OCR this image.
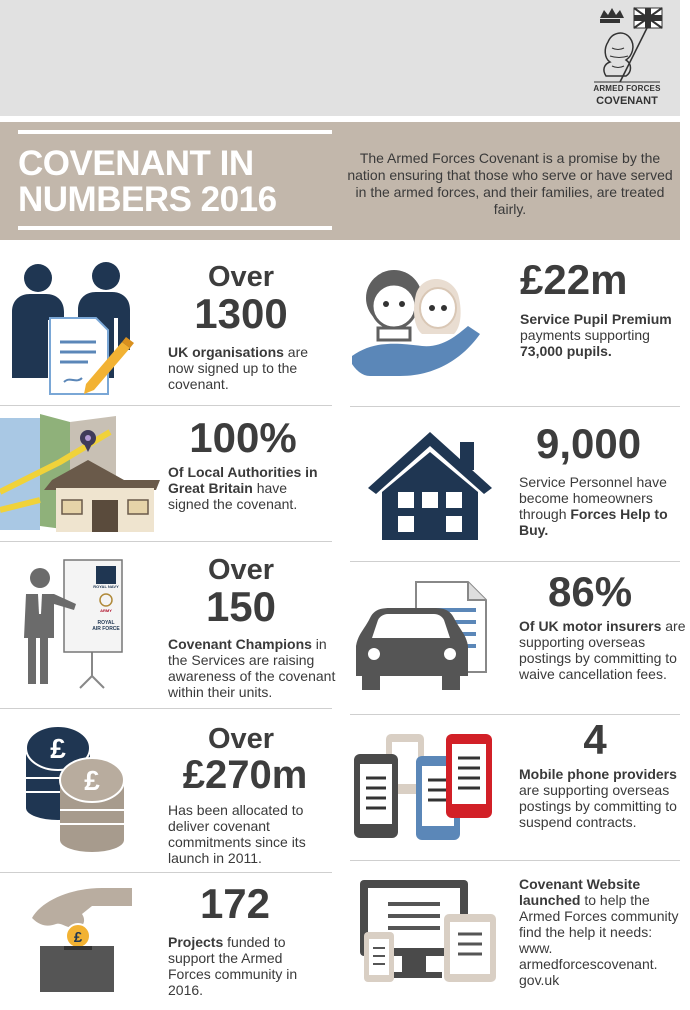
ARMED FORCES
COVENANT
COVENANT IN NUMBERS 2016
The Armed Forces Covenant is a promise by the nation ensuring that those who serve or have served in the armed forces, and their families, are treated fairly.
Over
1300
UK organisations are now signed up to the covenant.
100%
Of Local Authorities in Great Britain have signed the covenant.
ROYAL NAVY
ARMY
ROYAL
AIR FORCE
Over
150
Covenant Champions in the Services are raising awareness of the covenant within their units.
£
£
Over
£270m
Has been allocated to deliver covenant commitments since its launch in 2011.
£
172
Projects funded to support the Armed Forces community in 2016.
£22m
Service Pupil Premium payments supporting 73,000 pupils.
9,000
Service Personnel have become homeowners through Forces Help to Buy.
86%
Of UK motor insurers are supporting overseas postings by committing to waive cancellation fees.
4
Mobile phone providers are supporting overseas postings by committing to suspend contracts.
Covenant Website launched to help the Armed Forces community find the help it needs: www. armedforcescovenant. gov.uk
